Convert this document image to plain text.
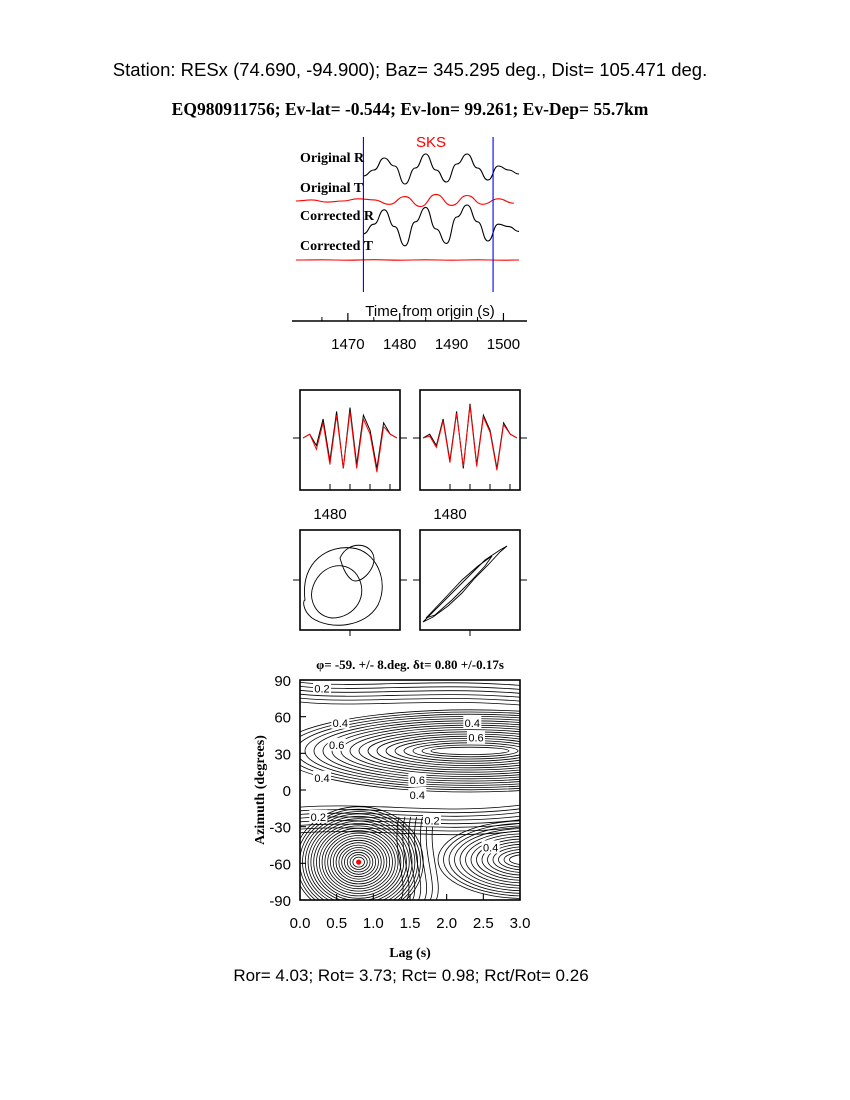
Station: RESx (74.690, -94.900); Baz= 345.295 deg., Dist= 105.471 deg.
EQ980911756; Ev-lat= -0.544; Ev-lon= 99.261; Ev-Dep= 55.7km
SKS
Original R
Original T
Corrected R
Corrected T
Time from origin (s)
1470 1480 1490 1500
1480	1480
φ= -59. +/- 8.deg. δt= 0.80 +/-0.17s
0.2
0.4	0.4
0.6
0.6
0.6
0.4
0.4
0.2	0.2
0.4
0.0 0.5 1.0 1.5 2.0 2.5 3.0
90
60
30
0
-30
-60
-90
Lag (s)
Azimuth (degrees)
Ror= 4.03; Rot= 3.73; Rct= 0.98; Rct/Rot= 0.26
